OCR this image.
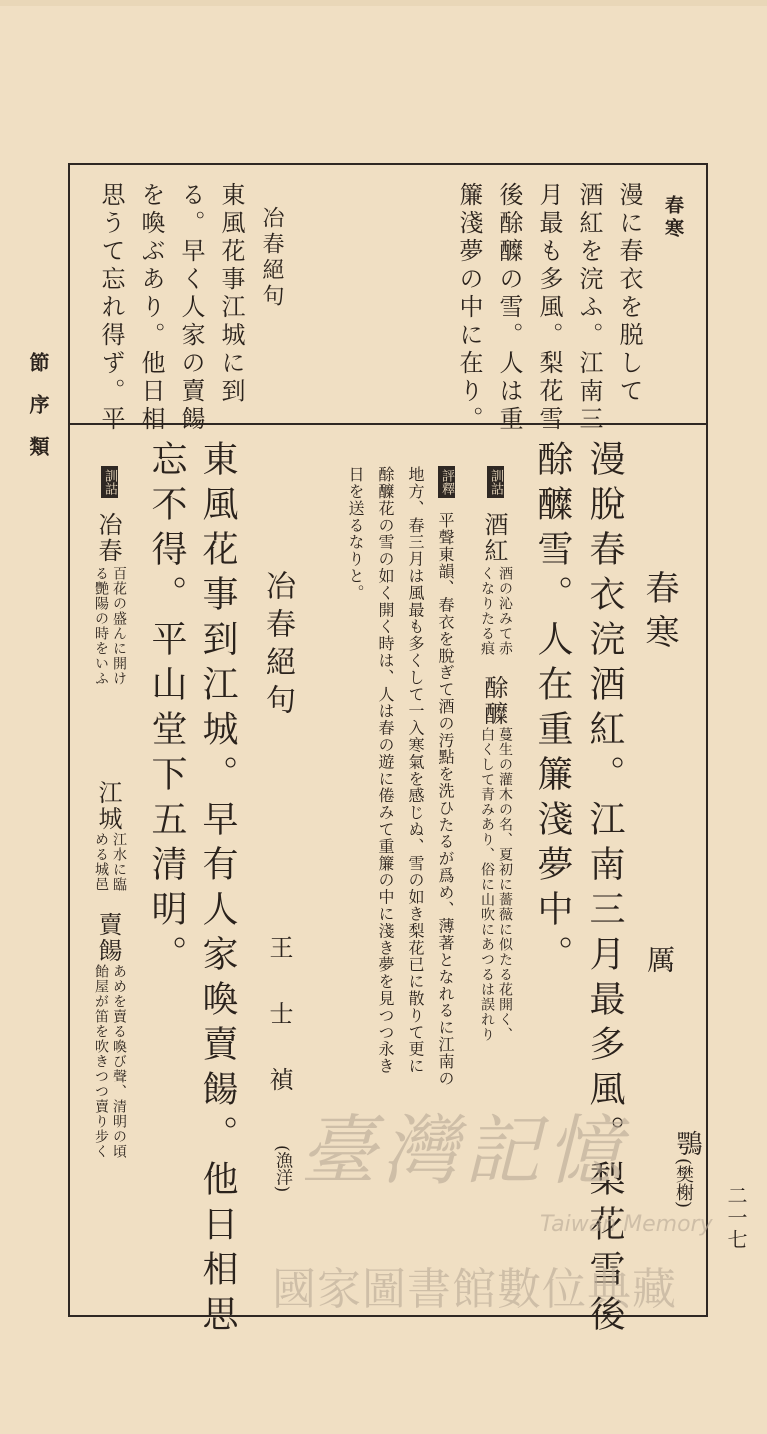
節序類
二一七
春寒
漫に春衣を脱して
酒紅を浣ふ。江南三
月最も多風。梨花雪
後酴醾の雪。人は重
簾淺夢の中に在り。
冶春絕句
東風花事江城に到
る。早く人家の賣餳
を喚ぶあり。他日相
思うて忘れ得ず。平
春寒
厲
鶚
(樊榭)
漫脫春衣浣酒紅。江南三月最多風。梨花雪後
酴醾雪。人在重簾淺夢中。
訓詁
酒紅
酒の沁みて赤
くなりたる痕
酴醾
蔓生の灌木の名、夏初に薔薇に似たる花開く、
白くして青みあり、俗に山吹にあつるは誤れり
評釋
平聲東韻、春衣を脫ぎて酒の汚點を洗ひたるが爲め、薄著となれるに江南の
地方、春三月は風最も多くして一入寒氣を感じぬ、雪の如き梨花已に散りて更に
酴醾花の雪の如く開く時は、人は春の遊に倦みて重簾の中に淺き夢を見つつ永き
日を送るなりと。
冶春絕句
王士禎
(漁洋)
東風花事到江城。早有人家喚賣餳。他日相思
忘不得。平山堂下五清明。
訓詁
冶春
百花の盛んに開け
る艷陽の時をいふ
江城
江水に臨
める城邑
賣餳
あめを賣る喚び聲、清明の頃
飴屋が笛を吹きつつ賣り步く	臺灣記憶
Taiwan Memory
國家圖書館數位典藏
